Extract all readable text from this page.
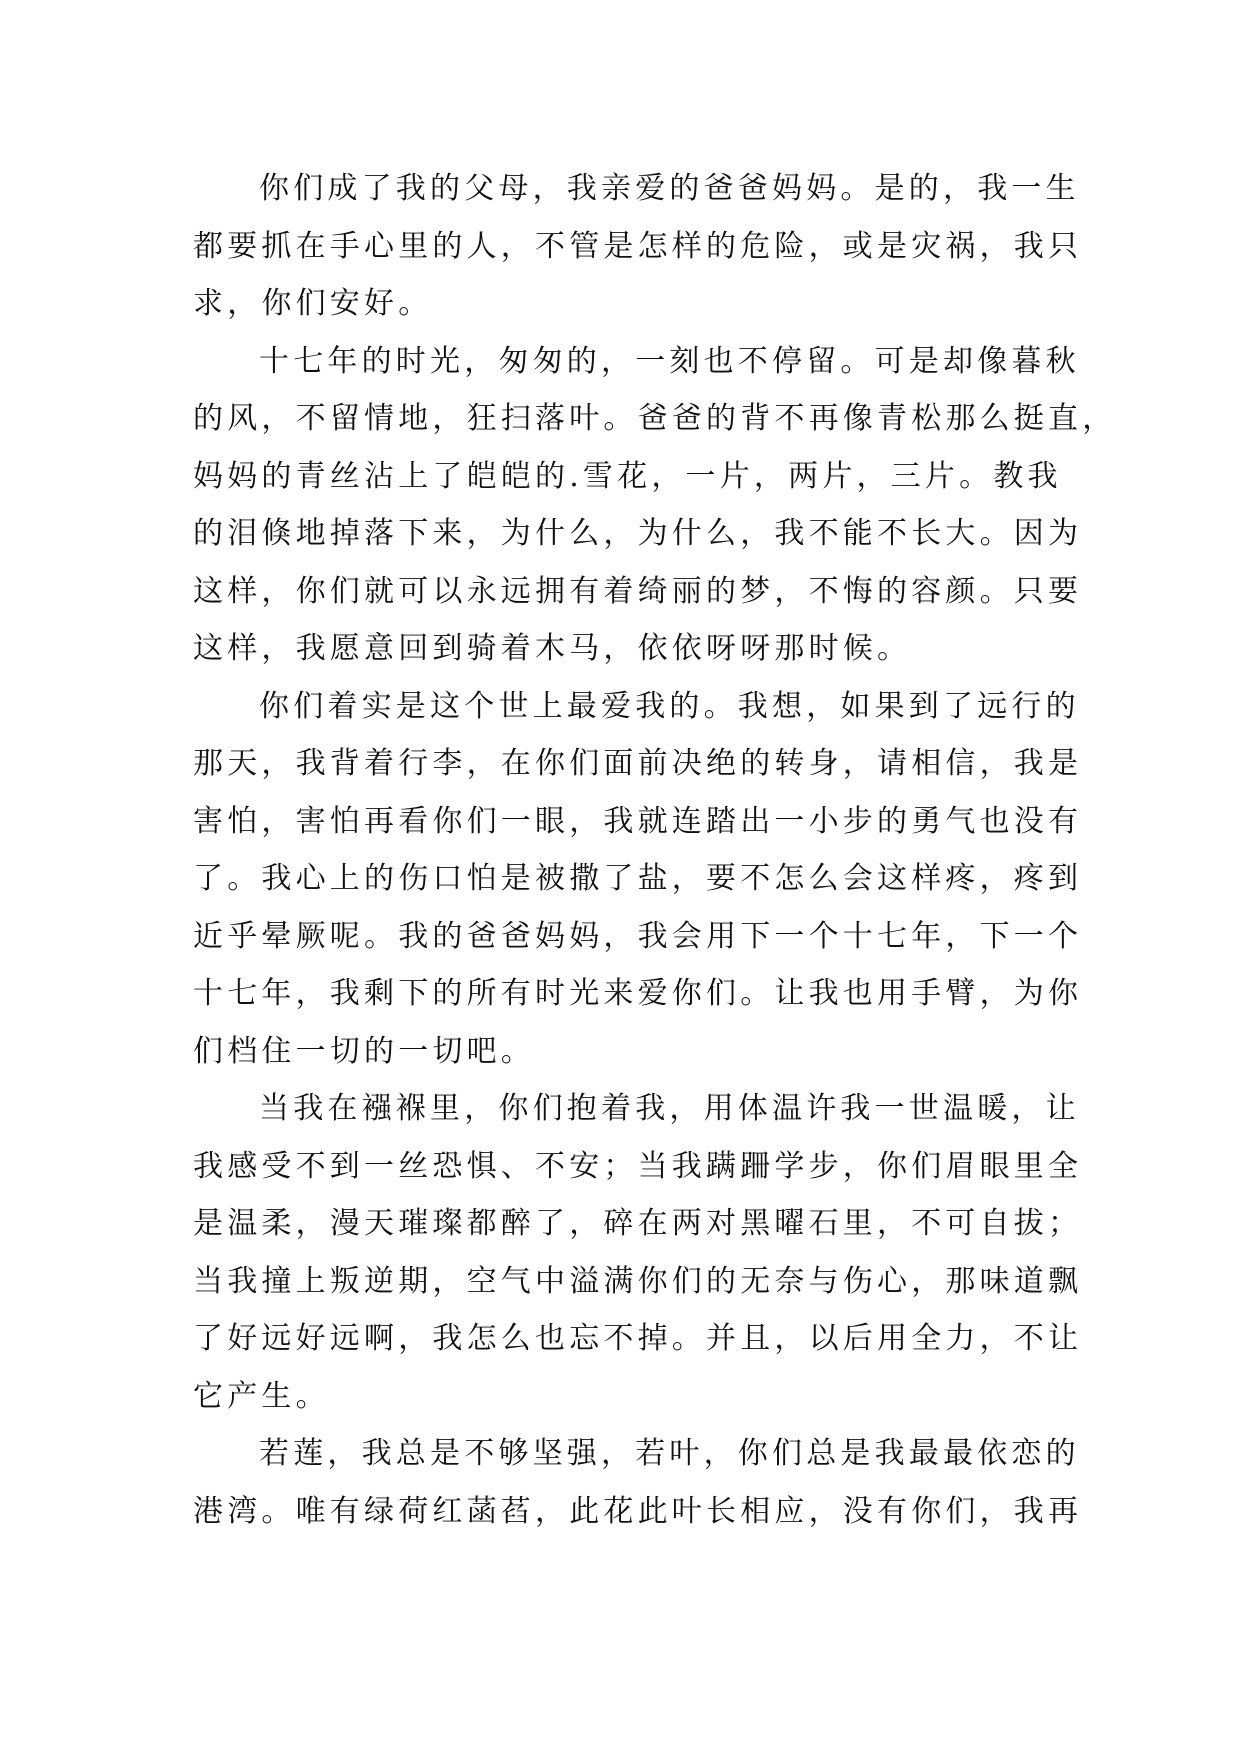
你们成了我的父母，我亲爱的爸爸妈妈。是的，我一生
都要抓在手心里的人，不管是怎样的危险，或是灾祸，我只
求，你们安好。
十七年的时光，匆匆的，一刻也不停留。可是却像暮秋
的风，不留情地，狂扫落叶。爸爸的背不再像青松那么挺直，
妈妈的青丝沾上了皑皑的.雪花，一片，两片，三片。教我
的泪倏地掉落下来，为什么，为什么，我不能不长大。因为
这样，你们就可以永远拥有着绮丽的梦，不悔的容颜。只要
这样，我愿意回到骑着木马，依依呀呀那时候。
你们着实是这个世上最爱我的。我想，如果到了远行的
那天，我背着行李，在你们面前决绝的转身，请相信，我是
害怕，害怕再看你们一眼，我就连踏出一小步的勇气也没有
了。我心上的伤口怕是被撒了盐，要不怎么会这样疼，疼到
近乎晕厥呢。我的爸爸妈妈，我会用下一个十七年，下一个
十七年，我剩下的所有时光来爱你们。让我也用手臂，为你
们档住一切的一切吧。
当我在襁褓里，你们抱着我，用体温许我一世温暖，让
我感受不到一丝恐惧、不安；当我蹒跚学步，你们眉眼里全
是温柔，漫天璀璨都醉了，碎在两对黑曜石里，不可自拔；
当我撞上叛逆期，空气中溢满你们的无奈与伤心，那味道飘
了好远好远啊，我怎么也忘不掉。并且，以后用全力，不让
它产生。
若莲，我总是不够坚强，若叶，你们总是我最最依恋的
港湾。唯有绿荷红菡萏，此花此叶长相应，没有你们，我再
